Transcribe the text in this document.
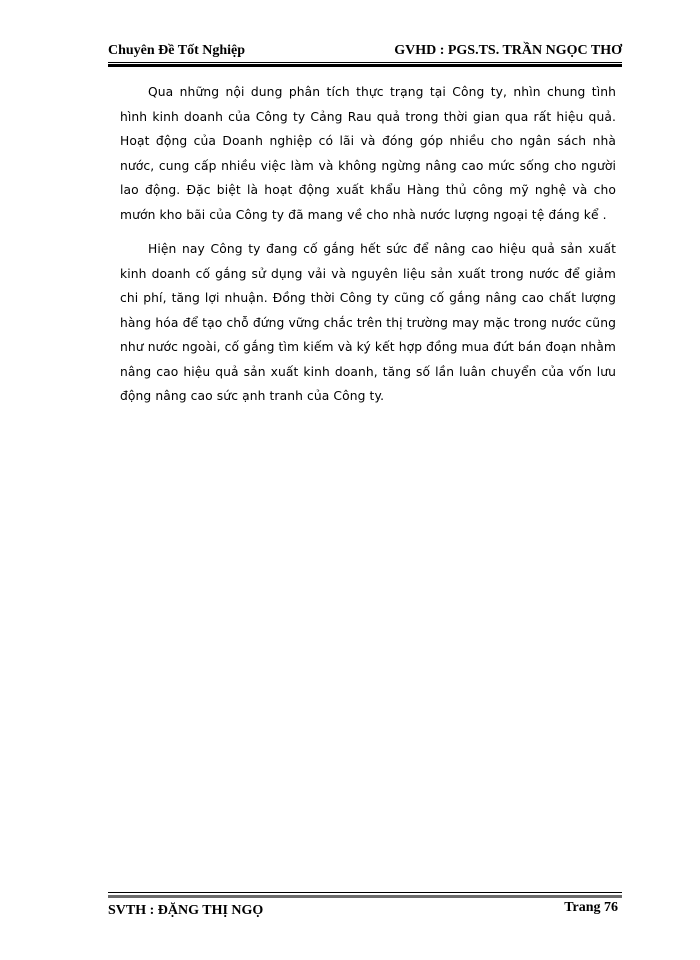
Chuyên Đề Tốt Nghiệp	GVHD : PGS.TS. TRẦN NGỌC THƠ

Qua những nội dung phân tích thực trạng tại Công ty, nhìn chung tình hình kinh doanh của Công ty Cảng Rau quả trong thời gian qua rất hiệu quả. Hoạt động của Doanh nghiệp có lãi và đóng góp nhiều cho ngân sách nhà nước, cung cấp nhiều việc làm và không ngừng nâng cao mức sống cho người lao động. Đặc biệt là hoạt động xuất khẩu Hàng thủ công mỹ nghệ và cho mướn kho bãi của Công ty đã mang về cho nhà nước lượng ngoại tệ đáng kể .

Hiện nay Công ty đang cố gắng hết sức để nâng cao hiệu quả sản xuất kinh doanh cố gắng sử dụng vải và nguyên liệu sản xuất trong nước để giảm chi phí, tăng lợi nhuận. Đồng thời Công ty cũng cố gắng nâng cao chất lượng hàng hóa để tạo chỗ đứng vững chắc trên thị trường may mặc trong nước cũng như nước ngoài, cố gắng tìm kiếm và ký kết hợp đồng mua đứt bán đoạn nhằm nâng cao hiệu quả sản xuất kinh doanh, tăng số lần luân chuyển của vốn lưu động nâng cao sức ạnh tranh của Công ty.

SVTH : ĐẶNG THỊ NGỌ	Trang 76
